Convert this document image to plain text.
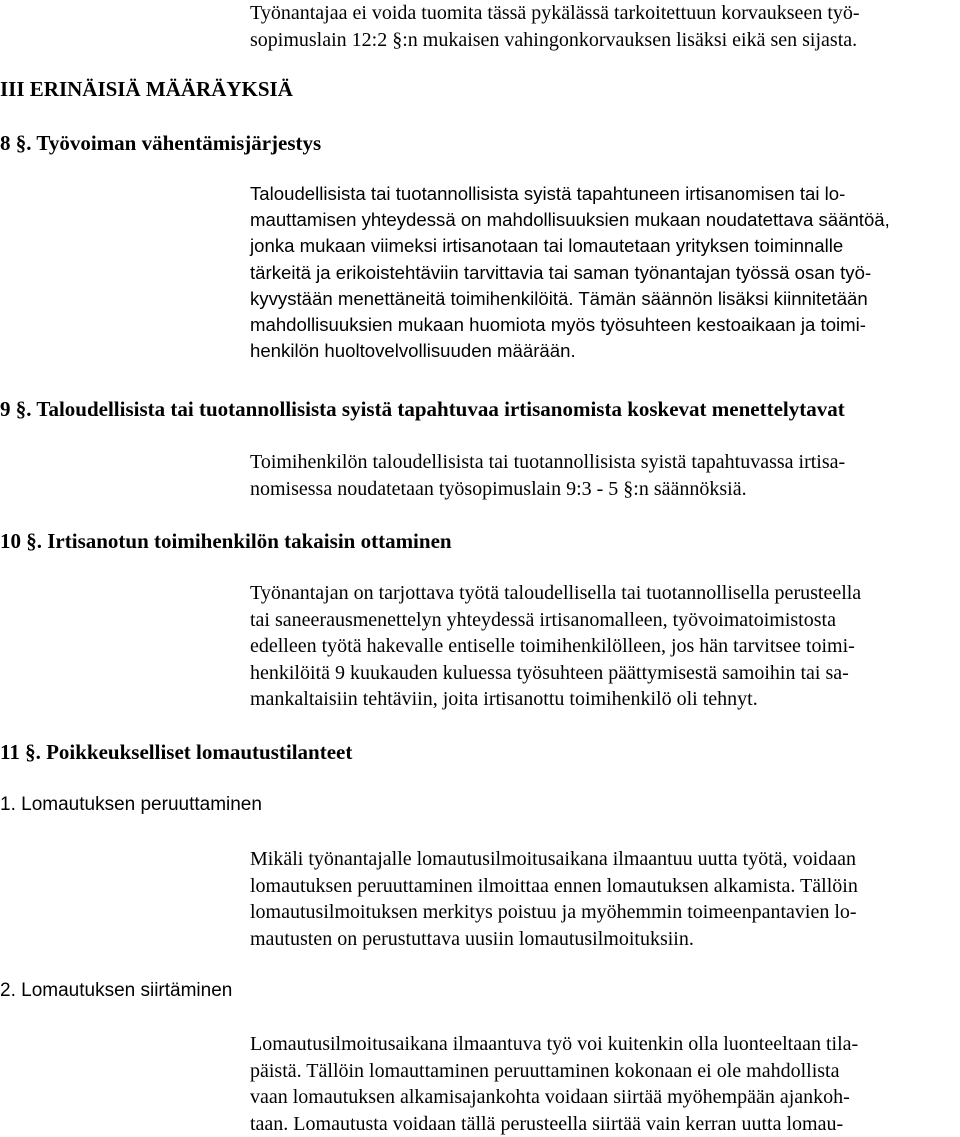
Työnantajaa ei voida tuomita tässä pykälässä tarkoitettuun korvaukseen työ-
sopimuslain 12:2 §:n mukaisen vahingonkorvauksen lisäksi eikä sen sijasta.
III ERINÄISIÄ MÄÄRÄYKSIÄ
8 §. Työvoiman vähentämisjärjestys
Taloudellisista tai tuotannollisista syistä tapahtuneen irtisanomisen tai lo-
mauttamisen yhteydessä on mahdollisuuksien mukaan noudatettava sääntöä,
jonka mukaan viimeksi irtisanotaan tai lomautetaan yrityksen toiminnalle
tärkeitä ja erikoistehtäviin tarvittavia tai saman työnantajan työssä osan työ-
kyvystään menettäneitä toimihenkilöitä. Tämän säännön lisäksi kiinnitetään
mahdollisuuksien mukaan huomiota myös työsuhteen kestoaikaan ja toimi-
henkilön huoltovelvollisuuden määrään.
9 §. Taloudellisista tai tuotannollisista syistä tapahtuvaa irtisanomista koskevat menettelytavat
Toimihenkilön taloudellisista tai tuotannollisista syistä tapahtuvassa irtisa-
nomisessa noudatetaan työsopimuslain 9:3 - 5 §:n säännöksiä.
10 §. Irtisanotun toimihenkilön takaisin ottaminen
Työnantajan on tarjottava työtä taloudellisella tai tuotannollisella perusteella
tai saneerausmenettelyn yhteydessä irtisanomalleen, työvoimatoimistosta
edelleen työtä hakevalle entiselle toimihenkilölleen, jos hän tarvitsee toimi-
henkilöitä 9 kuukauden kuluessa työsuhteen päättymisestä samoihin tai sa-
mankaltaisiin tehtäviin, joita irtisanottu toimihenkilö oli tehnyt.
11 §. Poikkeukselliset lomautustilanteet
1. Lomautuksen peruuttaminen
Mikäli työnantajalle lomautusilmoitusaikana ilmaantuu uutta työtä, voidaan
lomautuksen peruuttaminen ilmoittaa ennen lomautuksen alkamista. Tällöin
lomautusilmoituksen merkitys poistuu ja myöhemmin toimeenpantavien lo-
mautusten on perustuttava uusiin lomautusilmoituksiin.
2. Lomautuksen siirtäminen
Lomautusilmoitusaikana ilmaantuva työ voi kuitenkin olla luonteeltaan tila-
päistä. Tällöin lomauttaminen peruuttaminen kokonaan ei ole mahdollista
vaan lomautuksen alkamisajankohta voidaan siirtää myöhempään ajankoh-
taan. Lomautusta voidaan tällä perusteella siirtää vain kerran uutta lomau-
